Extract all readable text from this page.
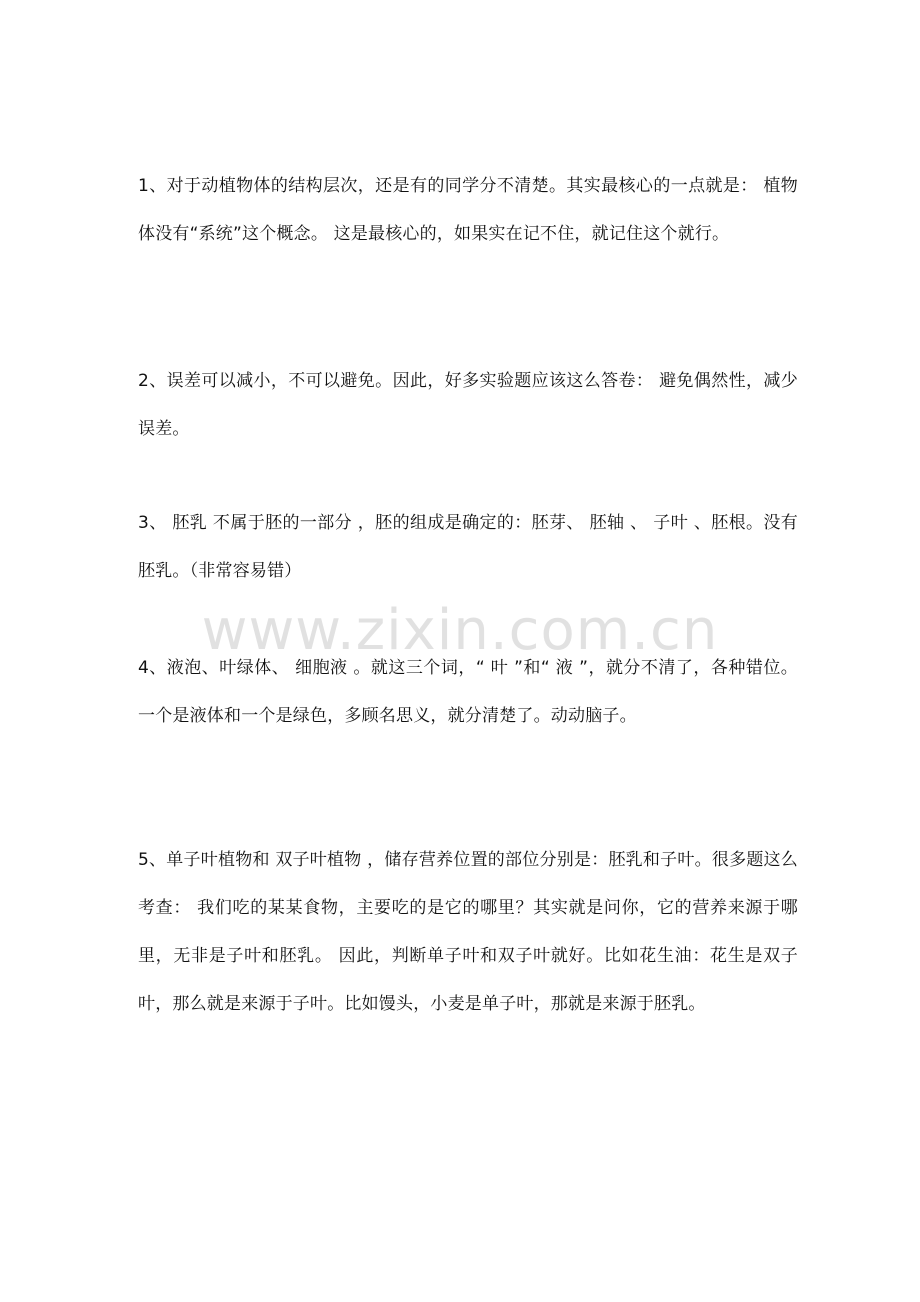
1、对于动植物体的结构层次，还是有的同学分不清楚。其实最核心的一点就是： 植物体没有“系统”这个概念。 这是最核心的，如果实在记不住，就记住这个就行。
2、误差可以减小，不可以避免。因此，好多实验题应该这么答卷： 避免偶然性，减少误差。
3、 胚乳 不属于胚的一部分 ，胚的组成是确定的：胚芽、 胚轴 、 子叶 、胚根。没有胚乳。（非常容易错）
4、液泡、叶绿体、 细胞液 。就这三个词，“ 叶 ”和“ 液 ”，就分不清了，各种错位。一个是液体和一个是绿色，多顾名思义，就分清楚了。动动脑子。
5、单子叶植物和 双子叶植物 ，储存营养位置的部位分别是：胚乳和子叶。很多题这么考查： 我们吃的某某食物，主要吃的是它的哪里？其实就是问你，它的营养来源于哪里，无非是子叶和胚乳。 因此，判断单子叶和双子叶就好。比如花生油：花生是双子叶，那么就是来源于子叶。比如馒头，小麦是单子叶，那就是来源于胚乳。
www.zixin.com.cn
